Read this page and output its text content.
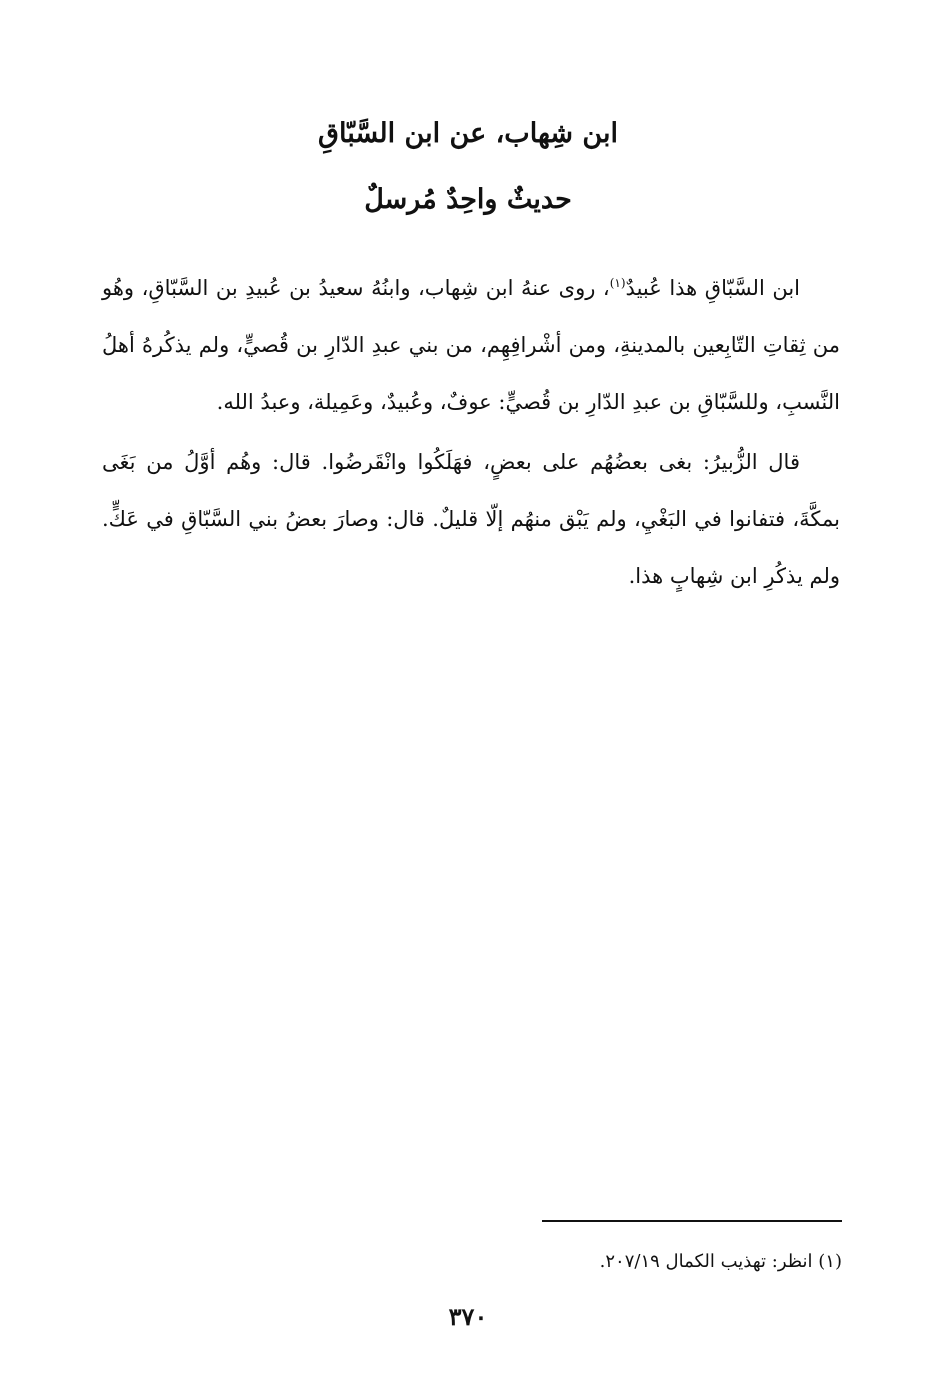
ابن شِهاب، عن ابن السَّبّاقِ
حديثٌ واحِدٌ مُرسلٌ

ابن السَّبّاقِ هذا عُبيدٌ$^{(١)}$، روى عنهُ ابن شِهاب، وابنُهُ سعيدُ بن عُبيدِ بن السَّبّاقِ، وهُو من ثِقاتِ التّابِعين بالمدينةِ، ومن أشْرافِهِم، من بني عبدِ الدّارِ بن قُصيٍّ، ولم يذكُرهُ أهلُ النَّسبِ، وللسَّبّاقِ بن عبدِ الدّارِ بن قُصيٍّ: عوفٌ، وعُبيدٌ، وعَمِيلة، وعبدُ الله.

قال الزُّبيرُ: بغى بعضُهُم على بعضٍ، فهَلَكُوا وانْقَرضُوا. قال: وهُم أوَّلُ من بَغَى بمكَّةَ، فتفانوا في البَغْيِ، ولم يَبْق منهُم إلّا قليلٌ. قال: وصارَ بعضُ بني السَّبّاقِ في عَكٍّ. ولم يذكُرِ ابن شِهابٍ هذا.

(١) انظر: تهذيب الكمال ٢٠٧/١٩.
٣٧٠
